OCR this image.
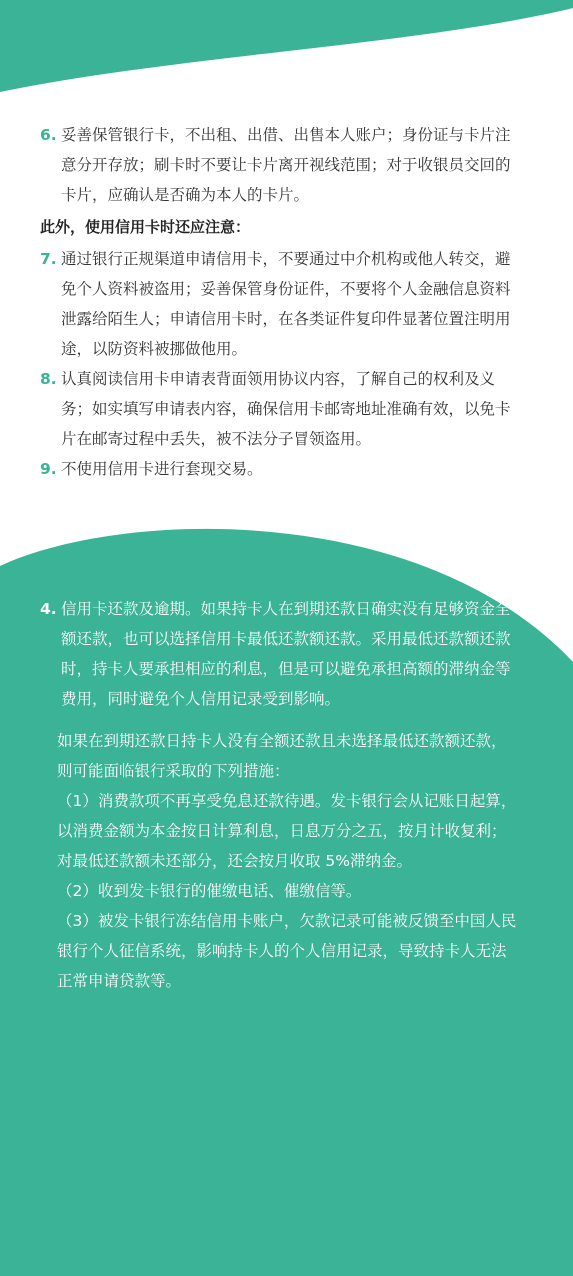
6. 妥善保管银行卡，不出租、出借、出售本人账户；身份证与卡片注意分开存放；刷卡时不要让卡片离开视线范围；对于收银员交回的卡片，应确认是否确为本人的卡片。
此外，使用信用卡时还应注意：
7. 通过银行正规渠道申请信用卡，不要通过中介机构或他人转交，避免个人资料被盗用；妥善保管身份证件，不要将个人金融信息资料泄露给陌生人；申请信用卡时，在各类证件复印件显著位置注明用途，以防资料被挪做他用。
8. 认真阅读信用卡申请表背面领用协议内容，了解自己的权利及义务；如实填写申请表内容，确保信用卡邮寄地址准确有效，以免卡片在邮寄过程中丢失，被不法分子冒领盗用。
9. 不使用信用卡进行套现交易。
4. 信用卡还款及逾期。如果持卡人在到期还款日确实没有足够资金全额还款，也可以选择信用卡最低还款额还款。采用最低还款额还款时，持卡人要承担相应的利息，但是可以避免承担高额的滞纳金等费用，同时避免个人信用记录受到影响。
如果在到期还款日持卡人没有全额还款且未选择最低还款额还款，则可能面临银行采取的下列措施：
（1）消费款项不再享受免息还款待遇。发卡银行会从记账日起算，以消费金额为本金按日计算利息，日息万分之五，按月计收复利；对最低还款额未还部分，还会按月收取 5%滞纳金。
（2）收到发卡银行的催缴电话、催缴信等。
（3）被发卡银行冻结信用卡账户，欠款记录可能被反馈至中国人民银行个人征信系统，影响持卡人的个人信用记录，导致持卡人无法正常申请贷款等。
